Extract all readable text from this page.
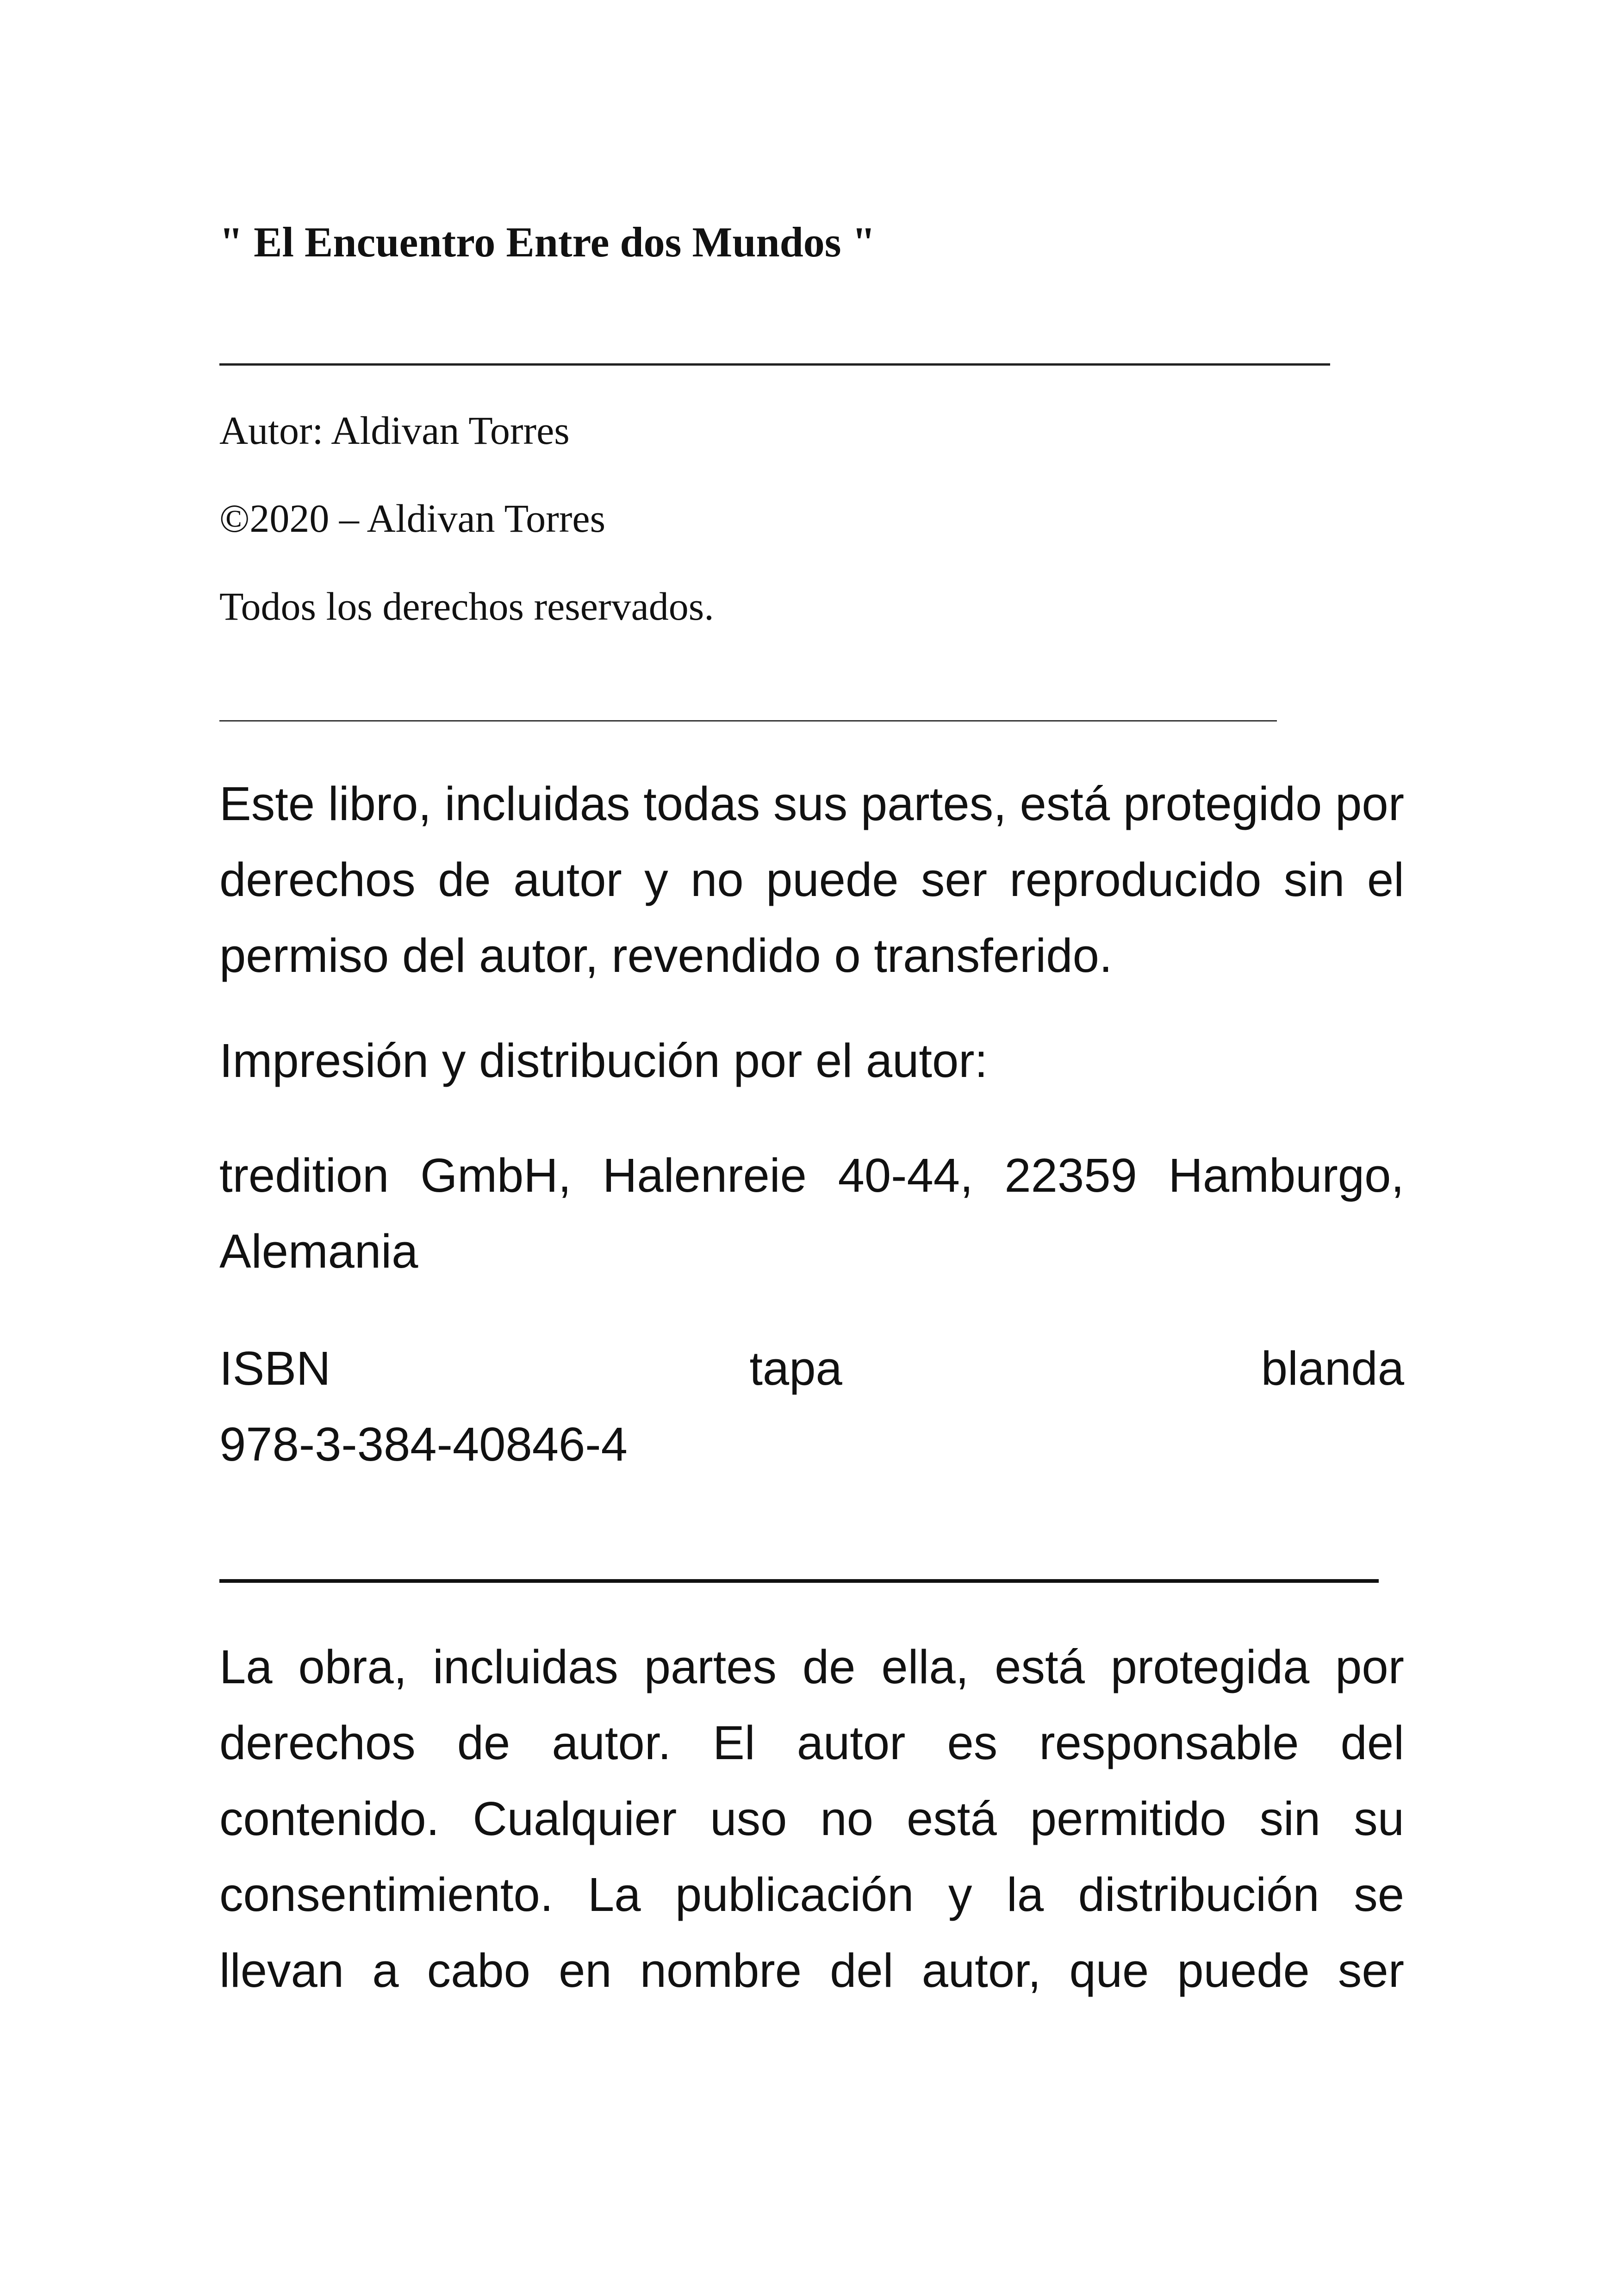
" El Encuentro Entre dos Mundos "
Autor: Aldivan Torres
©2020 – Aldivan Torres
Todos los derechos reservados.
Este libro, incluidas todas sus partes, está protegido por derechos de autor y no puede ser reproducido sin el permiso del autor, revendido o transferido.
Impresión y distribución por el autor:
tredition GmbH, Halenreie 40-44, 22359 Hamburgo, Alemania
ISBN	tapa	blanda
978-3-384-40846-4
La obra, incluidas partes de ella, está protegida por derechos de autor. El autor es responsable del contenido. Cualquier uso no está permitido sin su consentimiento. La publicación y la distribución se llevan a cabo en nombre del autor, que puede ser
